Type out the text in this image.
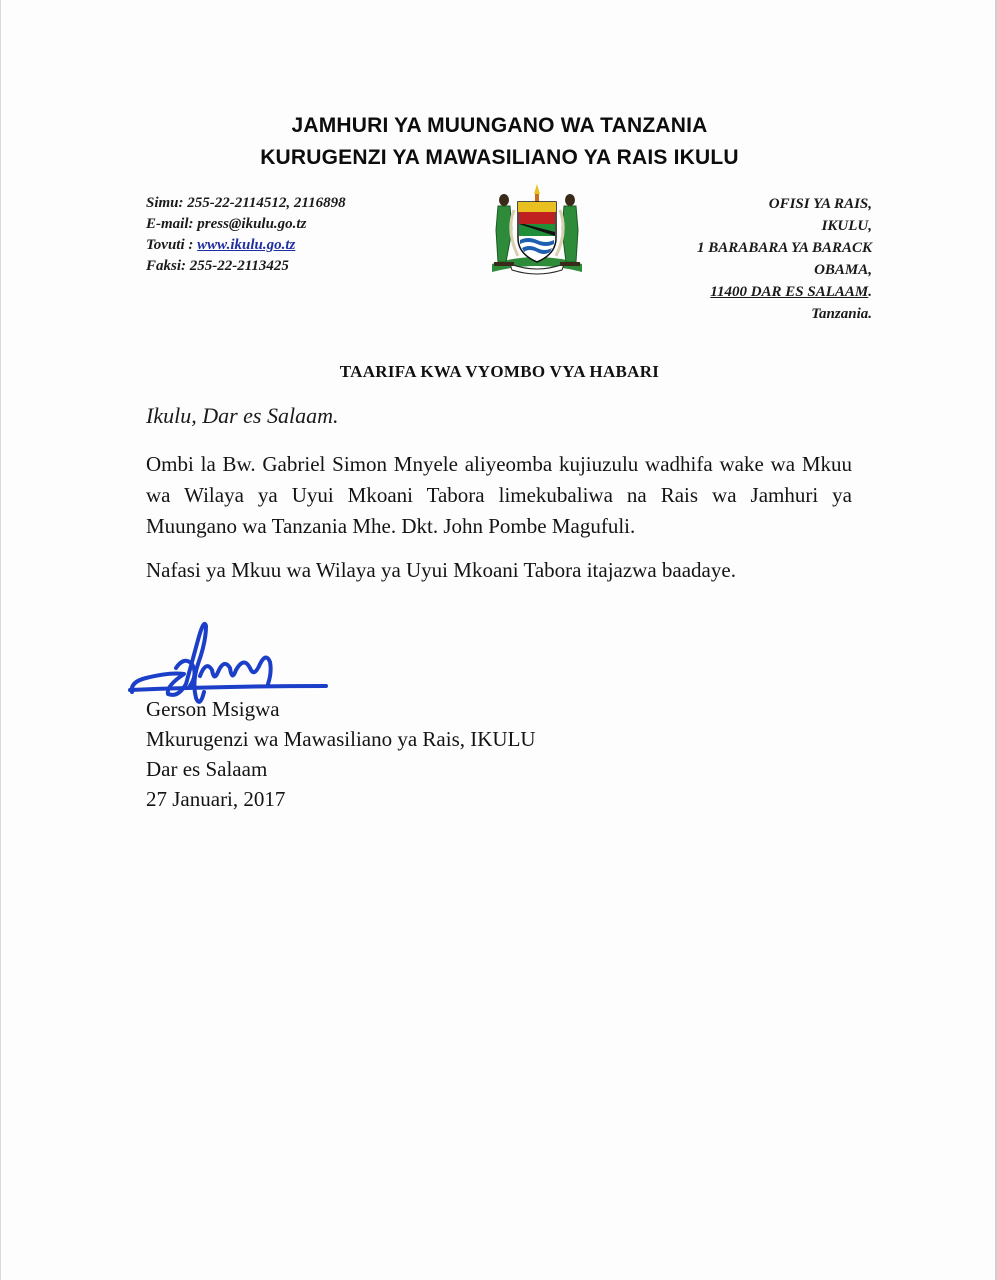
JAMHURI YA MUUNGANO WA TANZANIA
KURUGENZI YA MAWASILIANO YA RAIS IKULU
Simu: 255-22-2114512, 2116898
E-mail: press@ikulu.go.tz
Tovuti : www.ikulu.go.tz
Faksi: 255-22-2113425
OFISI YA RAIS,
IKULU,
1 BARABARA YA BARACK
OBAMA,
11400 DAR ES SALAAM.
Tanzania.
TAARIFA KWA VYOMBO VYA HABARI
Ikulu, Dar es Salaam.
Ombi la Bw. Gabriel Simon Mnyele aliyeomba kujiuzulu wadhifa wake wa Mkuu wa Wilaya ya Uyui Mkoani Tabora limekubaliwa na Rais wa Jamhuri ya Muungano wa Tanzania Mhe. Dkt. John Pombe Magufuli.
Nafasi ya Mkuu wa Wilaya ya Uyui Mkoani Tabora itajazwa baadaye.
Gerson Msigwa
Mkurugenzi wa Mawasiliano ya Rais, IKULU
Dar es Salaam
27 Januari, 2017
